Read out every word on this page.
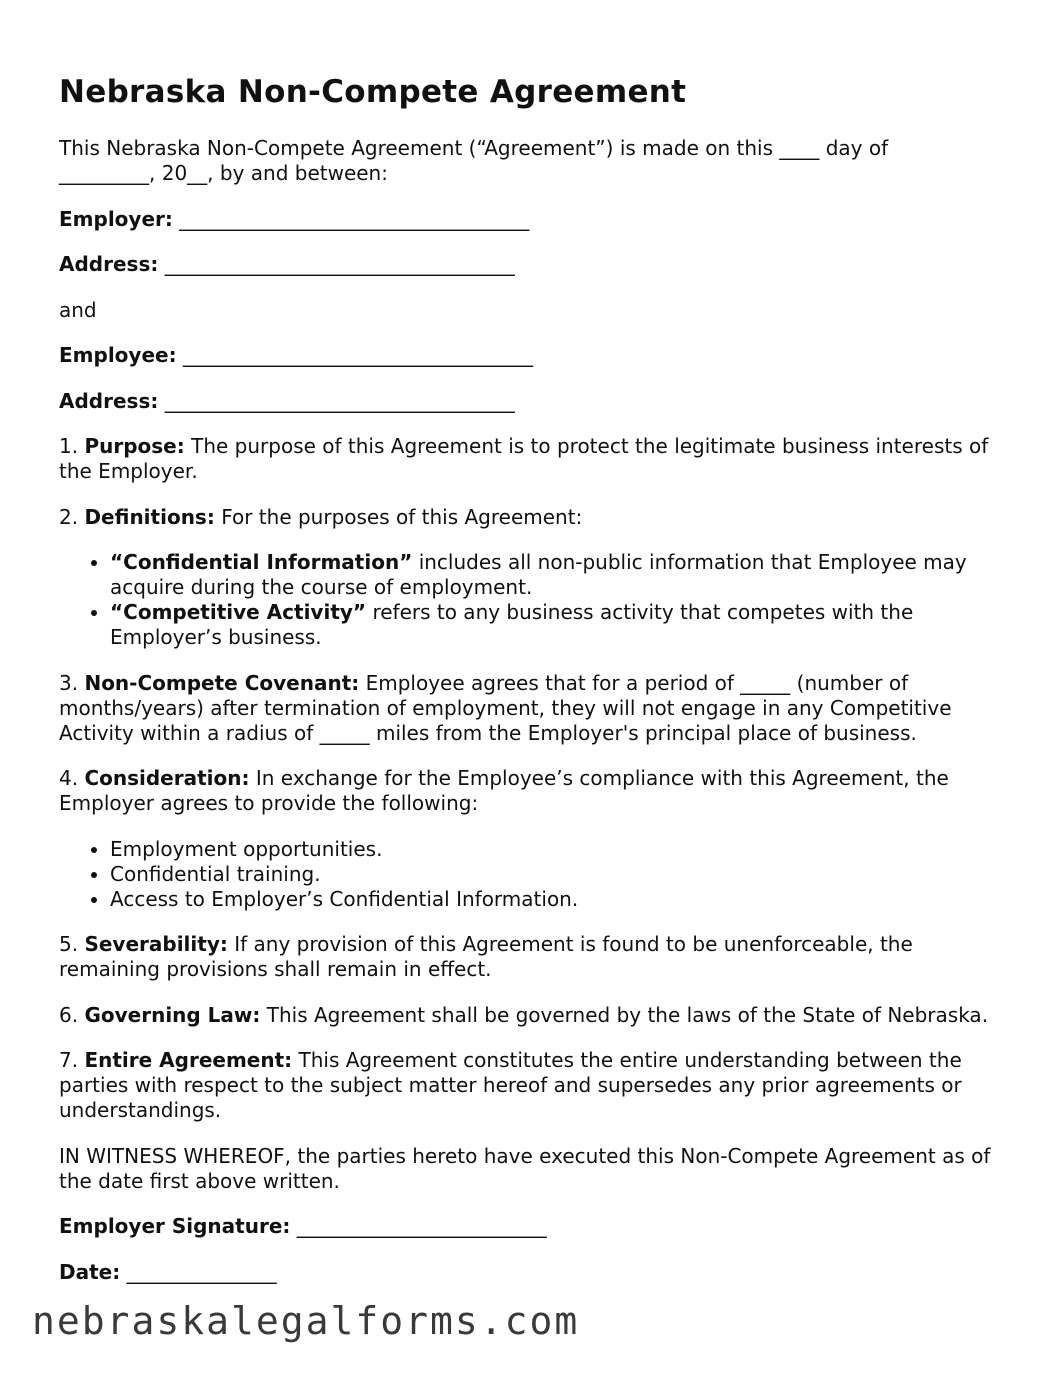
Nebraska Non-Compete Agreement

This Nebraska Non-Compete Agreement (“Agreement”) is made on this ____ day of
_________, 20__, by and between:

Employer: ___________________________________

Address: ___________________________________

and

Employee: ___________________________________

Address: ___________________________________

1. Purpose: The purpose of this Agreement is to protect the legitimate business interests of the Employer.

2. Definitions: For the purposes of this Agreement:

• “Confidential Information” includes all non-public information that Employee may acquire during the course of employment.
• “Competitive Activity” refers to any business activity that competes with the Employer’s business.

3. Non-Compete Covenant: Employee agrees that for a period of _____ (number of months/years) after termination of employment, they will not engage in any Competitive Activity within a radius of _____ miles from the Employer's principal place of business.

4. Consideration: In exchange for the Employee’s compliance with this Agreement, the Employer agrees to provide the following:

• Employment opportunities.
• Confidential training.
• Access to Employer’s Confidential Information.

5. Severability: If any provision of this Agreement is found to be unenforceable, the remaining provisions shall remain in effect.

6. Governing Law: This Agreement shall be governed by the laws of the State of Nebraska.

7. Entire Agreement: This Agreement constitutes the entire understanding between the parties with respect to the subject matter hereof and supersedes any prior agreements or understandings.

IN WITNESS WHEREOF, the parties hereto have executed this Non-Compete Agreement as of the date first above written.

Employer Signature: _________________________

Date: _______________

nebraskalegalforms.com
